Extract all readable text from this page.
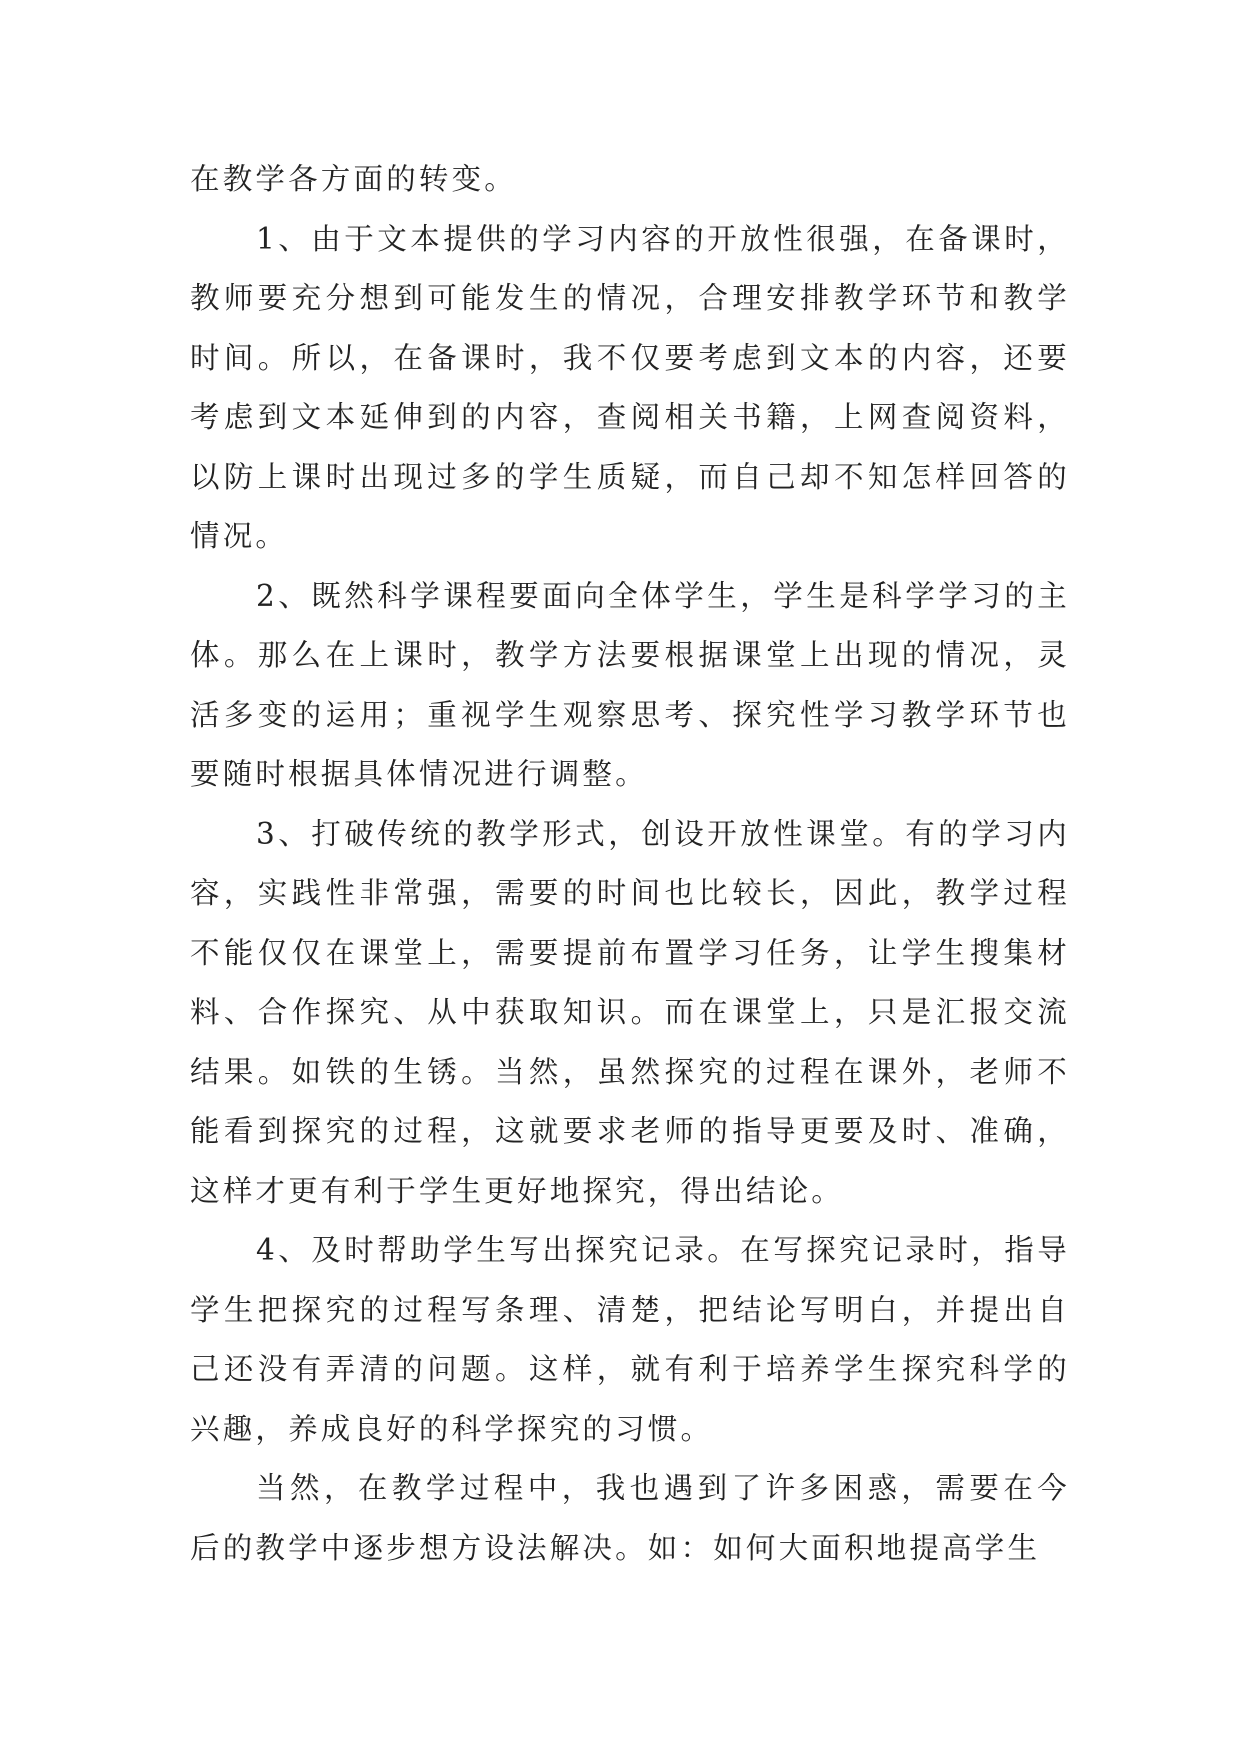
在教学各方面的转变。

1、由于文本提供的学习内容的开放性很强，在备课时，教师要充分想到可能发生的情况，合理安排教学环节和教学时间。所以，在备课时，我不仅要考虑到文本的内容，还要考虑到文本延伸到的内容，查阅相关书籍，上网查阅资料，以防上课时出现过多的学生质疑，而自己却不知怎样回答的情况。

2、既然科学课程要面向全体学生，学生是科学学习的主体。那么在上课时，教学方法要根据课堂上出现的情况，灵活多变的运用；重视学生观察思考、探究性学习教学环节也要随时根据具体情况进行调整。

3、打破传统的教学形式，创设开放性课堂。有的学习内容，实践性非常强，需要的时间也比较长，因此，教学过程不能仅仅在课堂上，需要提前布置学习任务，让学生搜集材料、合作探究、从中获取知识。而在课堂上，只是汇报交流结果。如铁的生锈。当然，虽然探究的过程在课外，老师不能看到探究的过程，这就要求老师的指导更要及时、准确，这样才更有利于学生更好地探究，得出结论。

4、及时帮助学生写出探究记录。在写探究记录时，指导学生把探究的过程写条理、清楚，把结论写明白，并提出自己还没有弄清的问题。这样，就有利于培养学生探究科学的兴趣，养成良好的科学探究的习惯。

当然，在教学过程中，我也遇到了许多困惑，需要在今后的教学中逐步想方设法解决。如：如何大面积地提高学生
